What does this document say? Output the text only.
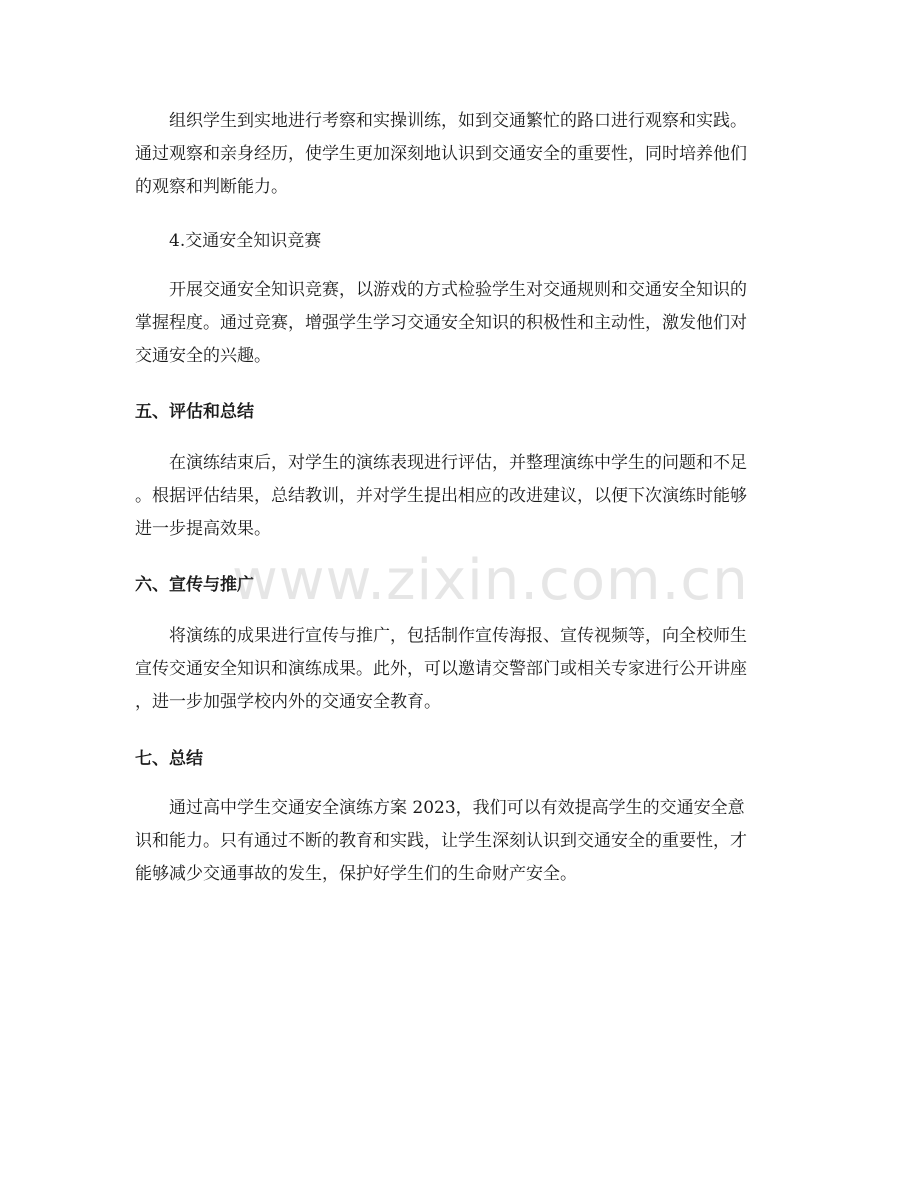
组织学生到实地进行考察和实操训练，如到交通繁忙的路口进行观察和实践。
通过观察和亲身经历，使学生更加深刻地认识到交通安全的重要性，同时培养他们
的观察和判断能力。

4.交通安全知识竞赛

开展交通安全知识竞赛，以游戏的方式检验学生对交通规则和交通安全知识的
掌握程度。通过竞赛，增强学生学习交通安全知识的积极性和主动性，激发他们对
交通安全的兴趣。

五、评估和总结

在演练结束后，对学生的演练表现进行评估，并整理演练中学生的问题和不足
。根据评估结果，总结教训，并对学生提出相应的改进建议，以便下次演练时能够
进一步提高效果。

六、宣传与推广

将演练的成果进行宣传与推广，包括制作宣传海报、宣传视频等，向全校师生
宣传交通安全知识和演练成果。此外，可以邀请交警部门或相关专家进行公开讲座
，进一步加强学校内外的交通安全教育。

七、总结

通过高中学生交通安全演练方案 2023，我们可以有效提高学生的交通安全意
识和能力。只有通过不断的教育和实践，让学生深刻认识到交通安全的重要性，才
能够减少交通事故的发生，保护好学生们的生命财产安全。

www.zixin.com.cn
